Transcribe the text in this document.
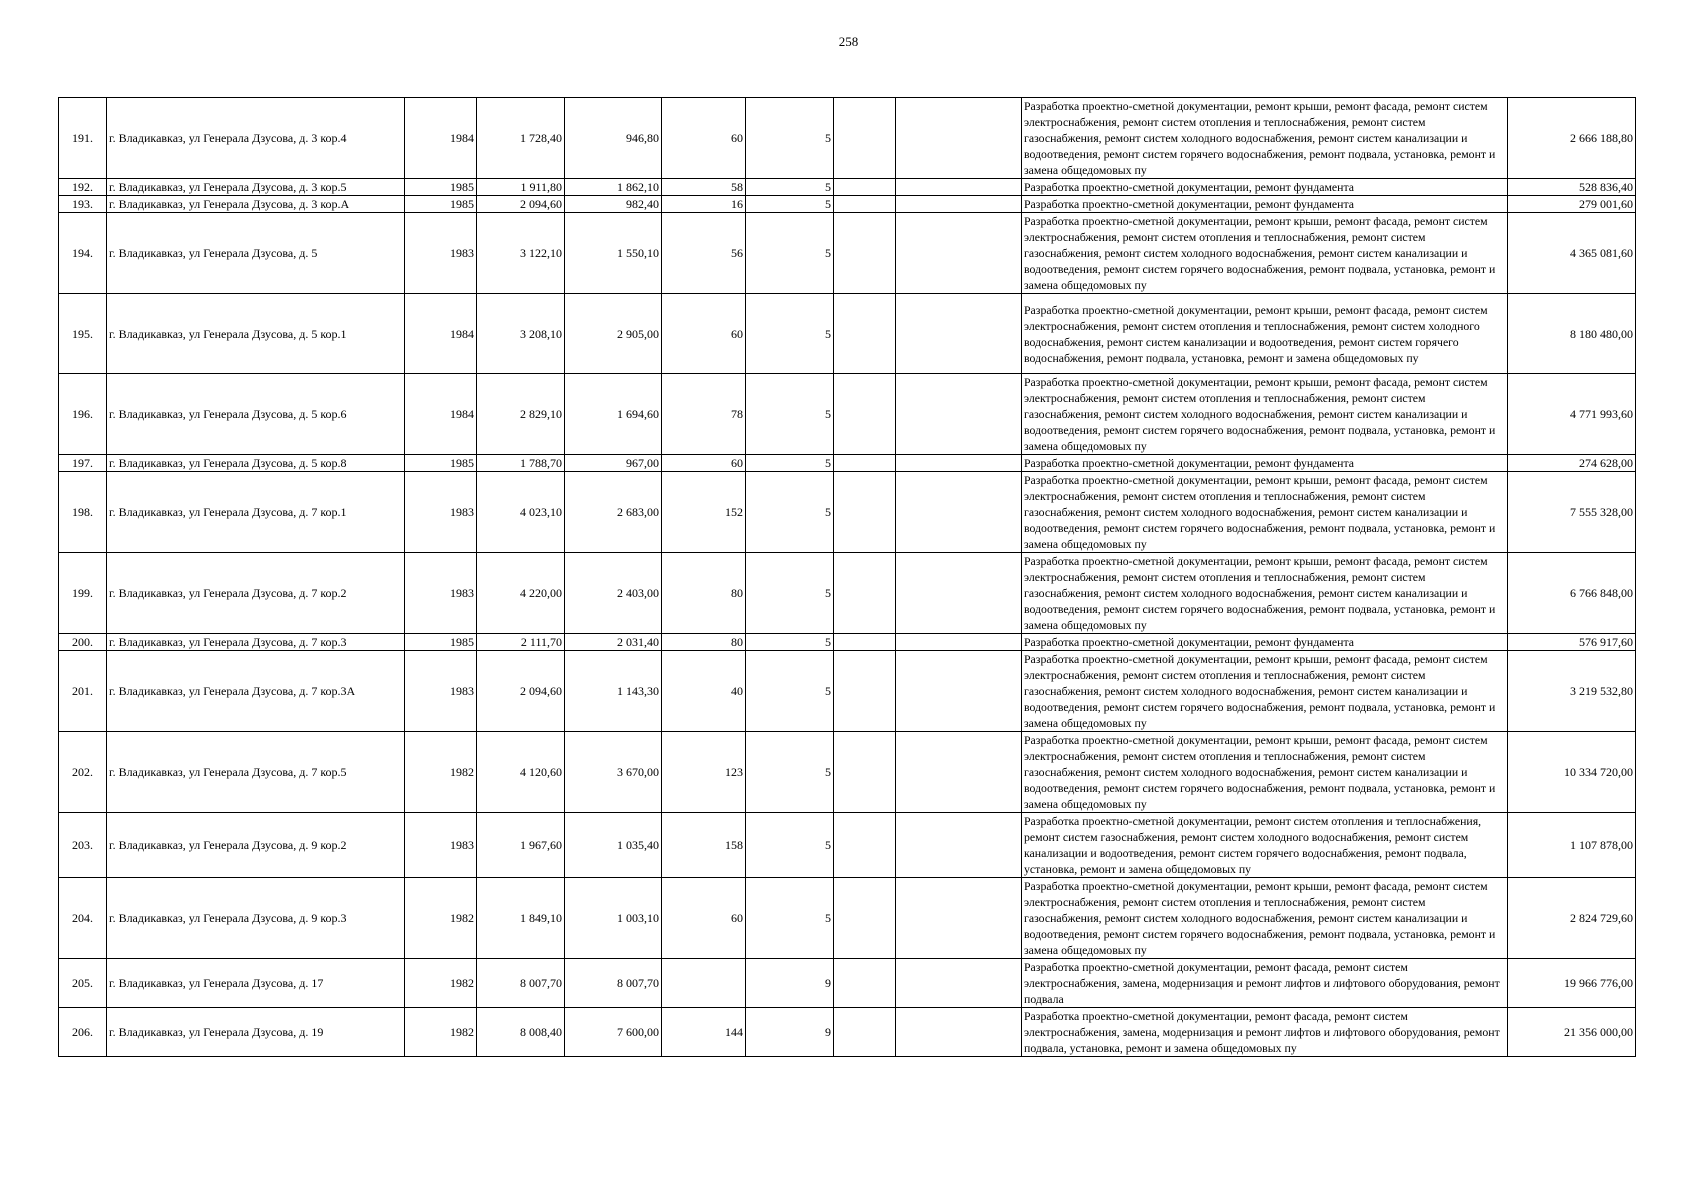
258
191.	г. Владикавказ, ул Генерала Дзусова, д. 3 кор.4	1984	1 728,40	946,80	60	5			Разработка проектно-сметной документации, ремонт крыши, ремонт фасада, ремонт систем электроснабжения, ремонт систем отопления и теплоснабжения, ремонт систем газоснабжения, ремонт систем холодного водоснабжения, ремонт систем канализации и водоотведения, ремонт систем горячего водоснабжения, ремонт подвала, установка, ремонт и замена общедомовых пу	2 666 188,80
192.	г. Владикавказ, ул Генерала Дзусова, д. 3 кор.5	1985	1 911,80	1 862,10	58	5			Разработка проектно-сметной документации, ремонт фундамента	528 836,40
193.	г. Владикавказ, ул Генерала Дзусова, д. 3 кор.А	1985	2 094,60	982,40	16	5			Разработка проектно-сметной документации, ремонт фундамента	279 001,60
194.	г. Владикавказ, ул Генерала Дзусова, д. 5	1983	3 122,10	1 550,10	56	5			Разработка проектно-сметной документации, ремонт крыши, ремонт фасада, ремонт систем электроснабжения, ремонт систем отопления и теплоснабжения, ремонт систем газоснабжения, ремонт систем холодного водоснабжения, ремонт систем канализации и водоотведения, ремонт систем горячего водоснабжения, ремонт подвала, установка, ремонт и замена общедомовых пу	4 365 081,60
195.	г. Владикавказ, ул Генерала Дзусова, д. 5 кор.1	1984	3 208,10	2 905,00	60	5			Разработка проектно-сметной документации, ремонт крыши, ремонт фасада, ремонт систем электроснабжения, ремонт систем отопления и теплоснабжения, ремонт систем холодного водоснабжения, ремонт систем канализации и водоотведения, ремонт систем горячего водоснабжения, ремонт подвала, установка, ремонт и замена общедомовых пу	8 180 480,00
196.	г. Владикавказ, ул Генерала Дзусова, д. 5 кор.6	1984	2 829,10	1 694,60	78	5			Разработка проектно-сметной документации, ремонт крыши, ремонт фасада, ремонт систем электроснабжения, ремонт систем отопления и теплоснабжения, ремонт систем газоснабжения, ремонт систем холодного водоснабжения, ремонт систем канализации и водоотведения, ремонт систем горячего водоснабжения, ремонт подвала, установка, ремонт и замена общедомовых пу	4 771 993,60
197.	г. Владикавказ, ул Генерала Дзусова, д. 5 кор.8	1985	1 788,70	967,00	60	5			Разработка проектно-сметной документации, ремонт фундамента	274 628,00
198.	г. Владикавказ, ул Генерала Дзусова, д. 7 кор.1	1983	4 023,10	2 683,00	152	5			Разработка проектно-сметной документации, ремонт крыши, ремонт фасада, ремонт систем электроснабжения, ремонт систем отопления и теплоснабжения, ремонт систем газоснабжения, ремонт систем холодного водоснабжения, ремонт систем канализации и водоотведения, ремонт систем горячего водоснабжения, ремонт подвала, установка, ремонт и замена общедомовых пу	7 555 328,00
199.	г. Владикавказ, ул Генерала Дзусова, д. 7 кор.2	1983	4 220,00	2 403,00	80	5			Разработка проектно-сметной документации, ремонт крыши, ремонт фасада, ремонт систем электроснабжения, ремонт систем отопления и теплоснабжения, ремонт систем газоснабжения, ремонт систем холодного водоснабжения, ремонт систем канализации и водоотведения, ремонт систем горячего водоснабжения, ремонт подвала, установка, ремонт и замена общедомовых пу	6 766 848,00
200.	г. Владикавказ, ул Генерала Дзусова, д. 7 кор.3	1985	2 111,70	2 031,40	80	5			Разработка проектно-сметной документации, ремонт фундамента	576 917,60
201.	г. Владикавказ, ул Генерала Дзусова, д. 7 кор.3А	1983	2 094,60	1 143,30	40	5			Разработка проектно-сметной документации, ремонт крыши, ремонт фасада, ремонт систем электроснабжения, ремонт систем отопления и теплоснабжения, ремонт систем газоснабжения, ремонт систем холодного водоснабжения, ремонт систем канализации и водоотведения, ремонт систем горячего водоснабжения, ремонт подвала, установка, ремонт и замена общедомовых пу	3 219 532,80
202.	г. Владикавказ, ул Генерала Дзусова, д. 7 кор.5	1982	4 120,60	3 670,00	123	5			Разработка проектно-сметной документации, ремонт крыши, ремонт фасада, ремонт систем электроснабжения, ремонт систем отопления и теплоснабжения, ремонт систем газоснабжения, ремонт систем холодного водоснабжения, ремонт систем канализации и водоотведения, ремонт систем горячего водоснабжения, ремонт подвала, установка, ремонт и замена общедомовых пу	10 334 720,00
203.	г. Владикавказ, ул Генерала Дзусова, д. 9 кор.2	1983	1 967,60	1 035,40	158	5			Разработка проектно-сметной документации, ремонт систем отопления и теплоснабжения, ремонт систем газоснабжения, ремонт систем холодного водоснабжения, ремонт систем канализации и водоотведения, ремонт систем горячего водоснабжения, ремонт подвала, установка, ремонт и замена общедомовых пу	1 107 878,00
204.	г. Владикавказ, ул Генерала Дзусова, д. 9 кор.3	1982	1 849,10	1 003,10	60	5			Разработка проектно-сметной документации, ремонт крыши, ремонт фасада, ремонт систем электроснабжения, ремонт систем отопления и теплоснабжения, ремонт систем газоснабжения, ремонт систем холодного водоснабжения, ремонт систем канализации и водоотведения, ремонт систем горячего водоснабжения, ремонт подвала, установка, ремонт и замена общедомовых пу	2 824 729,60
205.	г. Владикавказ, ул Генерала Дзусова, д. 17	1982	8 007,70	8 007,70		9			Разработка проектно-сметной документации, ремонт фасада, ремонт систем электроснабжения, замена, модернизация и ремонт лифтов и лифтового оборудования, ремонт подвала	19 966 776,00
206.	г. Владикавказ, ул Генерала Дзусова, д. 19	1982	8 008,40	7 600,00	144	9			Разработка проектно-сметной документации, ремонт фасада, ремонт систем электроснабжения, замена, модернизация и ремонт лифтов и лифтового оборудования, ремонт подвала, установка, ремонт и замена общедомовых пу	21 356 000,00
